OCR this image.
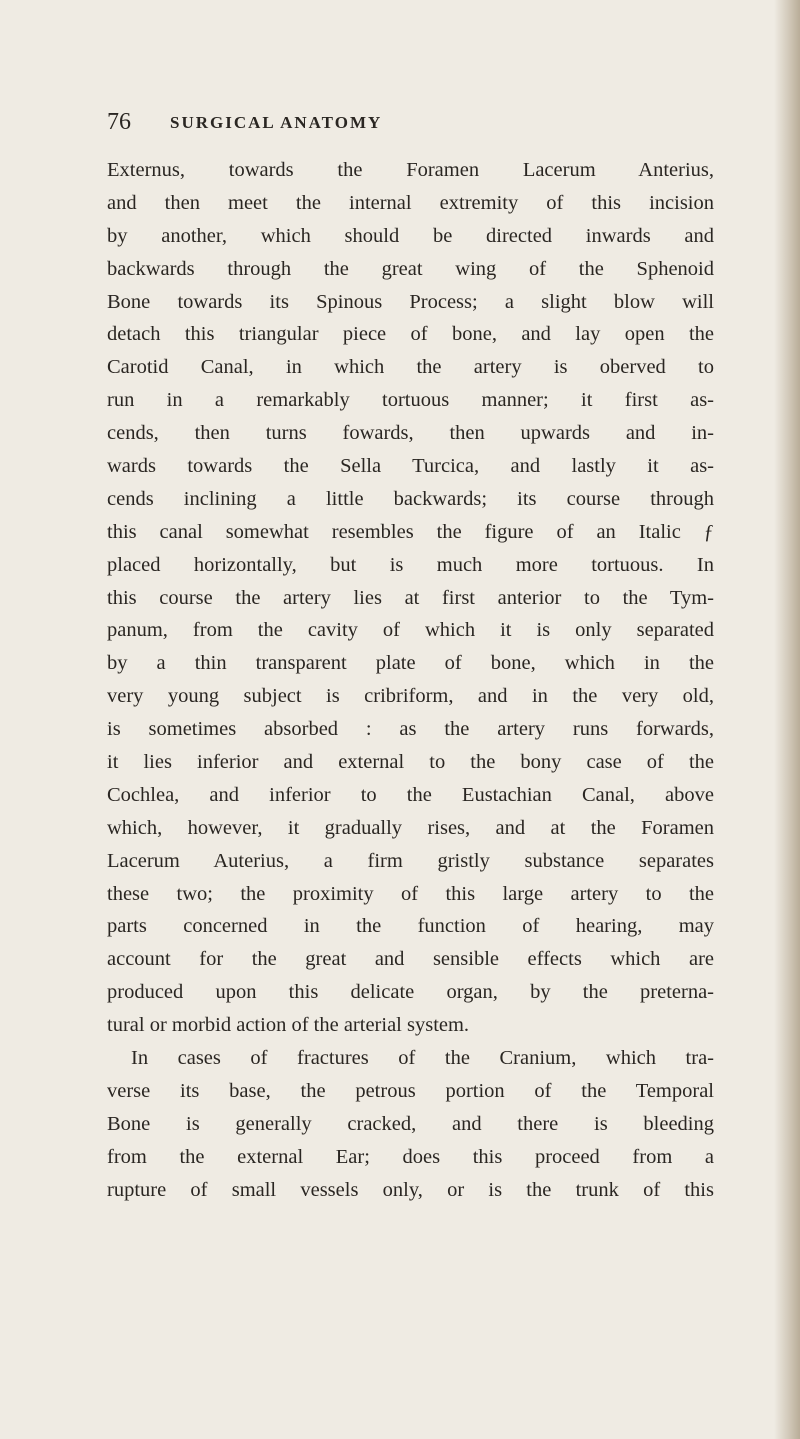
76 SURGICAL ANATOMY
Externus, towards the Foramen Lacerum Anterius,
and then meet the internal extremity of this incision
by another, which should be directed inwards and
backwards through the great wing of the Sphenoid
Bone towards its Spinous Process; a slight blow will
detach this triangular piece of bone, and lay open the
Carotid Canal, in which the artery is oberved to
run in a remarkably tortuous manner; it first as-
cends, then turns fowards, then upwards and in-
wards towards the Sella Turcica, and lastly it as-
cends inclining a little backwards; its course through
this canal somewhat resembles the figure of an Italic ƒ
placed horizontally, but is much more tortuous. In
this course the artery lies at first anterior to the Tym-
panum, from the cavity of which it is only separated
by a thin transparent plate of bone, which in the
very young subject is cribriform, and in the very old,
is sometimes absorbed : as the artery runs forwards,
it lies inferior and external to the bony case of the
Cochlea, and inferior to the Eustachian Canal, above
which, however, it gradually rises, and at the Foramen
Lacerum Auterius, a firm gristly substance separates
these two; the proximity of this large artery to the
parts concerned in the function of hearing, may
account for the great and sensible effects which are
produced upon this delicate organ, by the preterna-
tural or morbid action of the arterial system.
In cases of fractures of the Cranium, which tra-
verse its base, the petrous portion of the Temporal
Bone is generally cracked, and there is bleeding
from the external Ear; does this proceed from a
rupture of small vessels only, or is the trunk of this
